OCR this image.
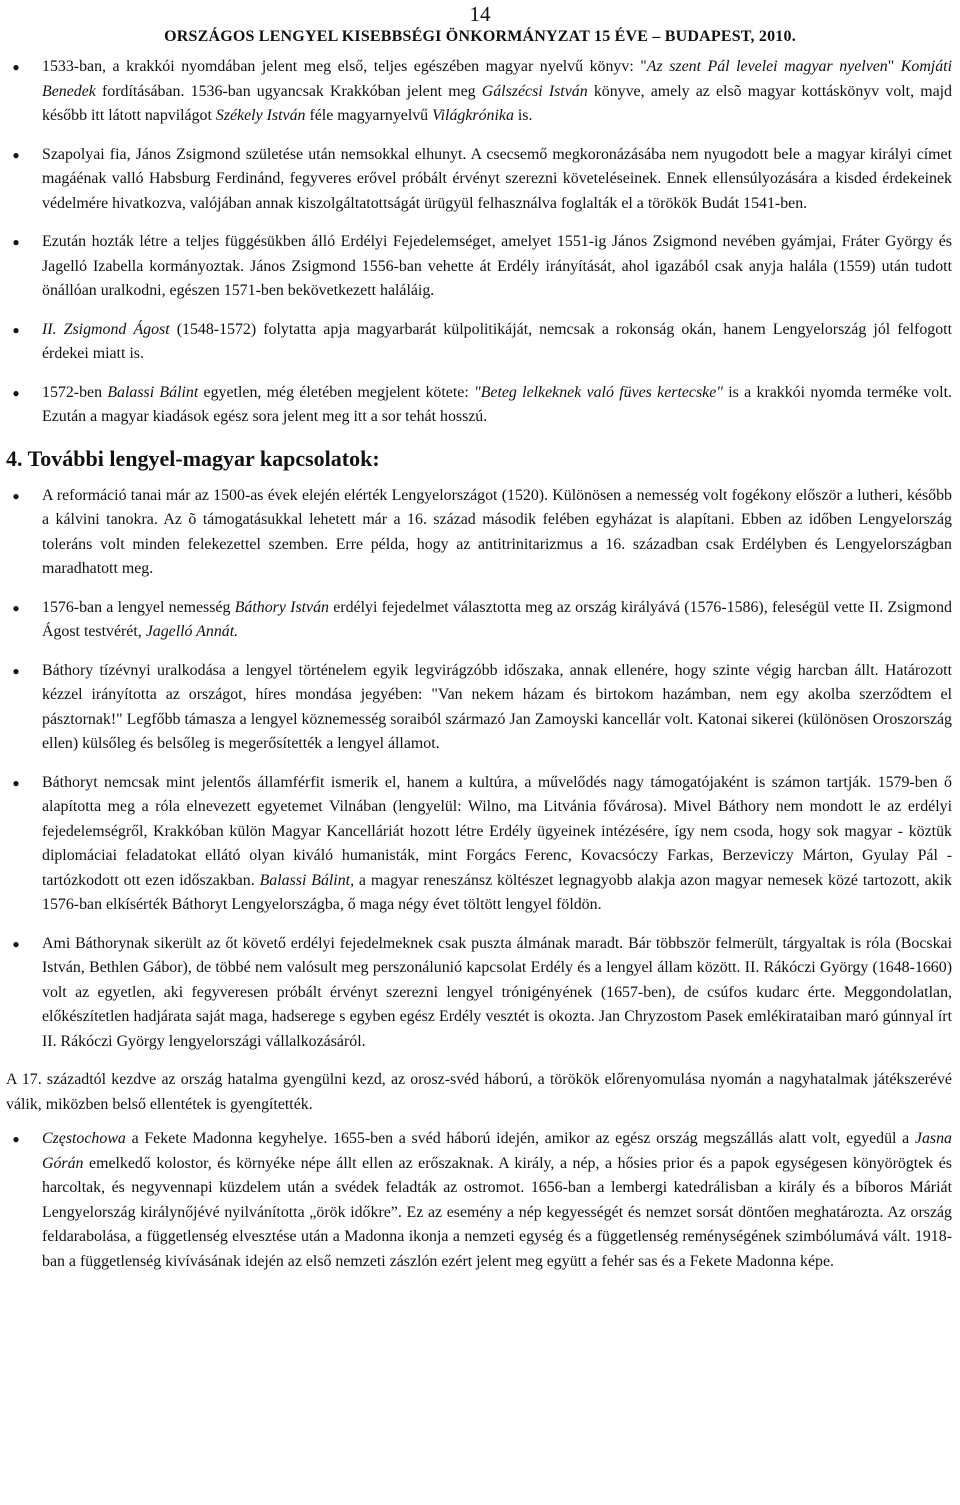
14
ORSZÁGOS LENGYEL KISEBBSÉGI ÖNKORMÁNYZAT 15 ÉVE – BUDAPEST, 2010.
● 1533-ban, a krakkói nyomdában jelent meg első, teljes egészében magyar nyelvű könyv: "Az szent Pál levelei magyar nyelven" Komjáti Benedek fordításában. 1536-ban ugyancsak Krakkóban jelent meg Gálszécsi István könyve, amely az elsõ magyar kottáskönyv volt, majd később itt látott napvilágot Székely István féle magyarnyelvű Világkrónika is.
● Szapolyai fia, János Zsigmond születése után nemsokkal elhunyt. A csecsemő megkoronázásába nem nyugodott bele a magyar királyi címet magáénak valló Habsburg Ferdinánd, fegyveres erővel próbált érvényt szerezni követeléseinek. Ennek ellensúlyozására a kisded érdekeinek védelmére hivatkozva, valójában annak kiszolgáltatottságát ürügyül felhasználva foglalták el a törökök Budát 1541-ben.
● Ezután hozták létre a teljes függésükben álló Erdélyi Fejedelemséget, amelyet 1551-ig János Zsigmond nevében gyámjai, Fráter György és Jagelló Izabella kormányoztak. János Zsigmond 1556-ban vehette át Erdély irányítását, ahol igazából csak anyja halála (1559) után tudott önállóan uralkodni, egészen 1571-ben bekövetkezett haláláig.
● II. Zsigmond Ágost (1548-1572) folytatta apja magyarbarát külpolitikáját, nemcsak a rokonság okán, hanem Lengyelország jól felfogott érdekei miatt is.
● 1572-ben Balassi Bálint egyetlen, még életében megjelent kötete: "Beteg lelkeknek való füves kertecske" is a krakkói nyomda terméke volt. Ezután a magyar kiadások egész sora jelent meg itt a sor tehát hosszú.
4. További lengyel-magyar kapcsolatok:
● A reformáció tanai már az 1500-as évek elején elérték Lengyelországot (1520). Különösen a nemesség volt fogékony először a lutheri, később a kálvini tanokra. Az õ támogatásukkal lehetett már a 16. század második felében egyházat is alapítani. Ebben az időben Lengyelország toleráns volt minden felekezettel szemben. Erre példa, hogy az antitrinitarizmus a 16. században csak Erdélyben és Lengyelországban maradhatott meg.
● 1576-ban a lengyel nemesség Báthory István erdélyi fejedelmet választotta meg az ország királyává (1576-1586), feleségül vette II. Zsigmond Ágost testvérét, Jagelló Annát.
● Báthory tízévnyi uralkodása a lengyel történelem egyik legvirágzóbb időszaka, annak ellenére, hogy szinte végig harcban állt. Határozott kézzel irányította az országot, híres mondása jegyében: "Van nekem házam és birtokom hazámban, nem egy akolba szerződtem el pásztornak!" Legfőbb támasza a lengyel köznemesség soraiból származó Jan Zamoyski kancellár volt. Katonai sikerei (különösen Oroszország ellen) külsőleg és belsőleg is megerősítették a lengyel államot.
● Báthoryt nemcsak mint jelentős államférfit ismerik el, hanem a kultúra, a művelődés nagy támogatójaként is számon tartják. 1579-ben ő alapította meg a róla elnevezett egyetemet Vilnában (lengyelül: Wilno, ma Litvánia fővárosa). Mivel Báthory nem mondott le az erdélyi fejedelemségről, Krakkóban külön Magyar Kancelláriát hozott létre Erdély ügyeinek intézésére, így nem csoda, hogy sok magyar - köztük diplomáciai feladatokat ellátó olyan kiváló humanisták, mint Forgács Ferenc, Kovacsóczy Farkas, Berzeviczy Márton, Gyulay Pál - tartózkodott ott ezen időszakban. Balassi Bálint, a magyar reneszánsz költészet legnagyobb alakja azon magyar nemesek közé tartozott, akik 1576-ban elkísérték Báthoryt Lengyelországba, ő maga négy évet töltött lengyel földön.
● Ami Báthorynak sikerült az őt követő erdélyi fejedelmeknek csak puszta álmának maradt. Bár többször felmerült, tárgyaltak is róla (Bocskai István, Bethlen Gábor), de többé nem valósult meg perszonálunió kapcsolat Erdély és a lengyel állam között. II. Rákóczi György (1648-1660) volt az egyetlen, aki fegyveresen próbált érvényt szerezni lengyel trónigényének (1657-ben), de csúfos kudarc érte. Meggondolatlan, előkészítetlen hadjárata saját maga, hadserege s egyben egész Erdély vesztét is okozta. Jan Chryzostom Pasek emlékirataiban maró gúnnyal írt II. Rákóczi György lengyelországi vállalkozásáról.
A 17. századtól kezdve az ország hatalma gyengülni kezd, az orosz-svéd háború, a törökök előrenyomulása nyomán a nagyhatalmak játékszerévé válik, miközben belső ellentétek is gyengítették.
● Częstochowa a Fekete Madonna kegyhelye. 1655-ben a svéd háború idején, amikor az egész ország megszállás alatt volt, egyedül a Jasna Górán emelkedő kolostor, és környéke népe állt ellen az erőszaknak. A király, a nép, a hősies prior és a papok egységesen könyörögtek és harcoltak, és negyvennapi küzdelem után a svédek feladták az ostromot. 1656-ban a lembergi katedrálisban a király és a bíboros Máriát Lengyelország királynőjévé nyilvánította „örök időkre”. Ez az esemény a nép kegyességét és nemzet sorsát döntően meghatározta. Az ország feldarabolása, a függetlenség elvesztése után a Madonna ikonja a nemzeti egység és a függetlenség reménységének szimbólumává vált. 1918-ban a függetlenség kivívásának idején az első nemzeti zászlón ezért jelent meg együtt a fehér sas és a Fekete Madonna képe.
